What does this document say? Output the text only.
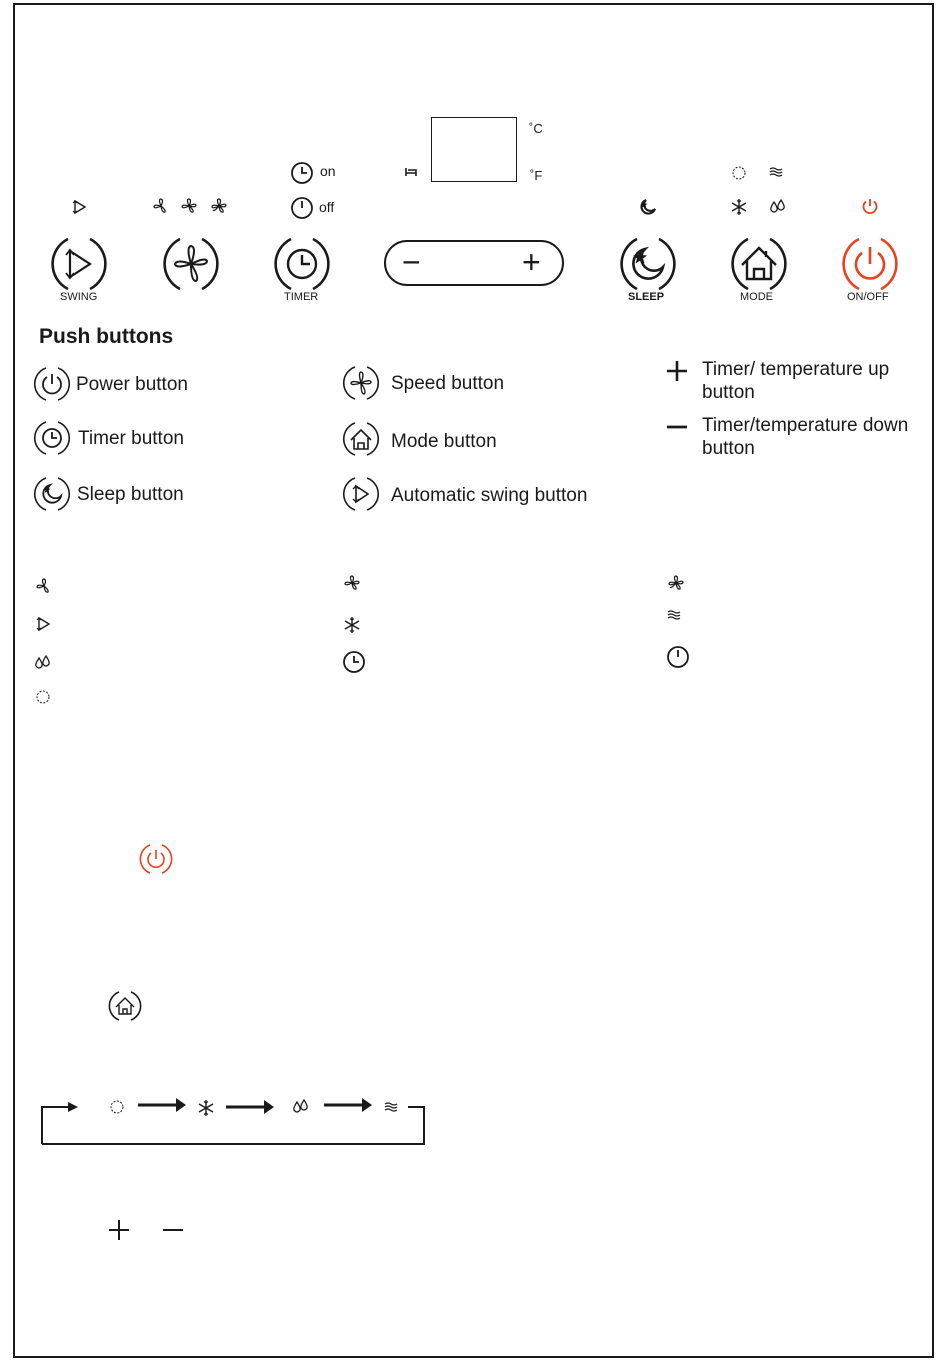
˚C
˚F
on
off
SWING	TIMER
−	+
SLEEP	MODE	ON/OFF
Push buttons
Power button
Timer button
Sleep button
Speed button
Mode button
Automatic swing button
Timer/ temperature up
button
Timer/temperature down
button
